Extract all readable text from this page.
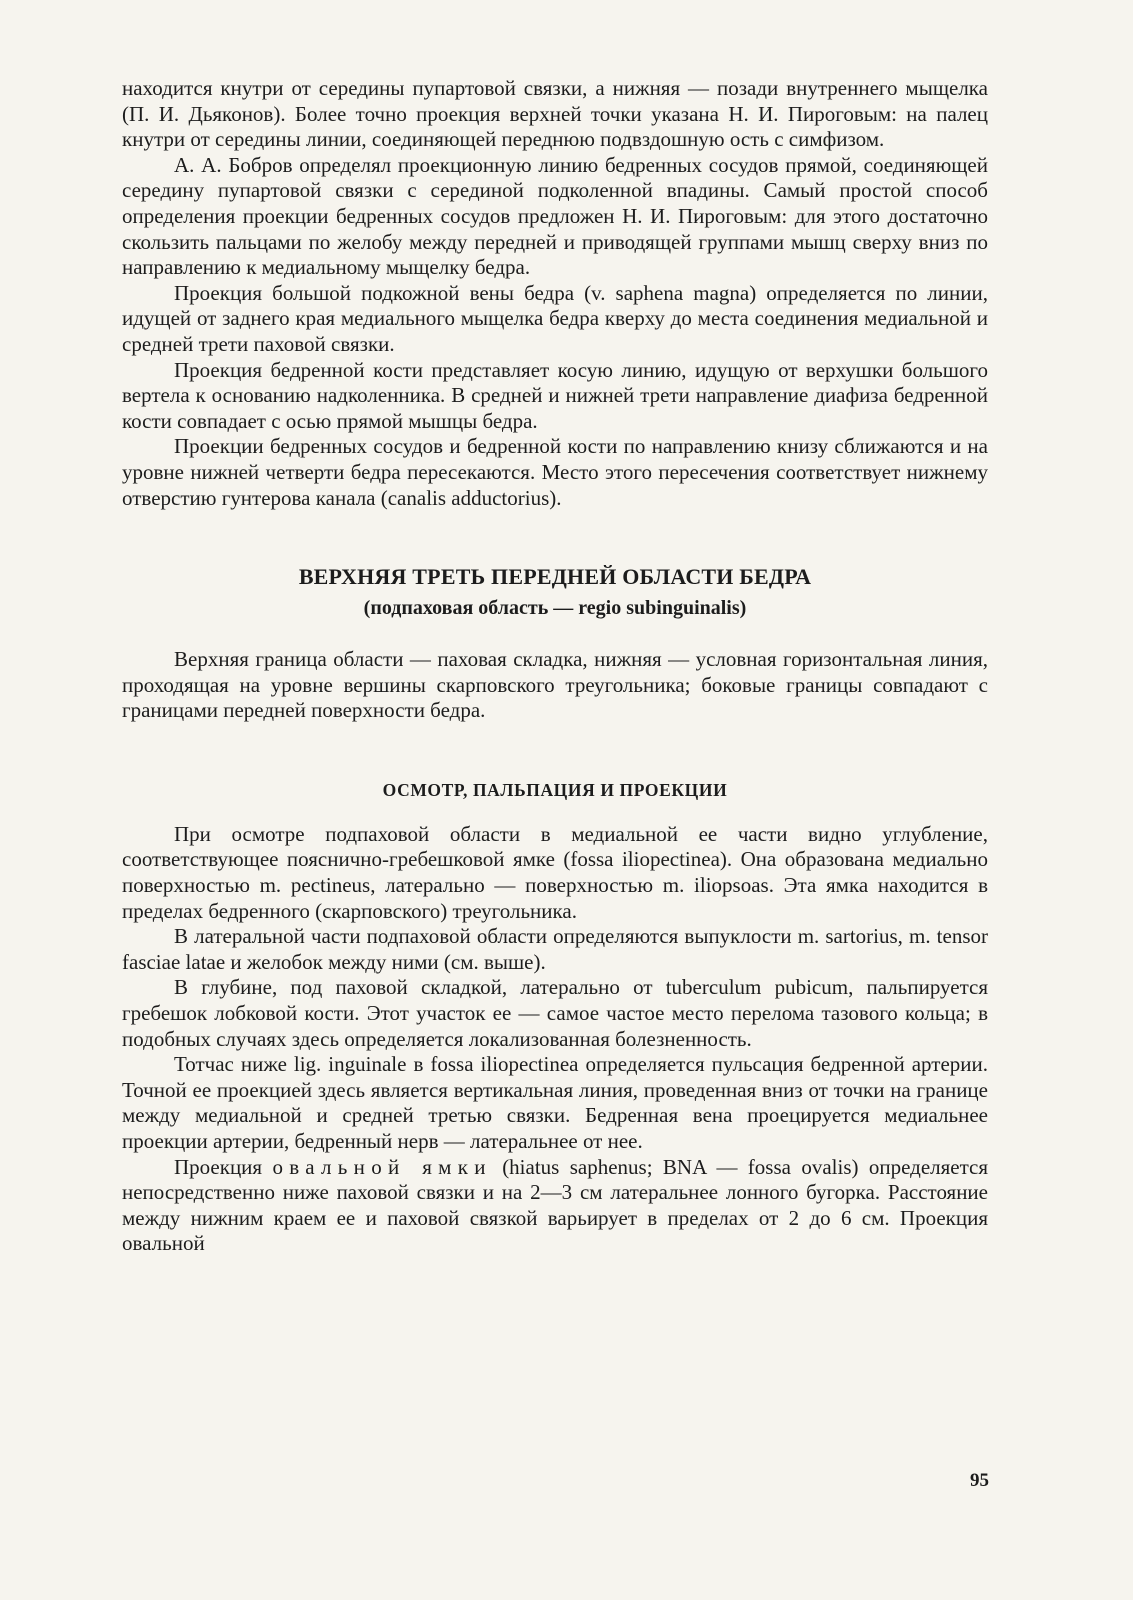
находится кнутри от середины пупартовой связки, а нижняя — позади внутреннего мыщелка (П. И. Дьяконов). Более точно проекция верхней точки указана Н. И. Пироговым: на палец кнутри от середины линии, соединяющей переднюю подвздошную ость с симфизом.

А. А. Бобров определял проекционную линию бедренных сосудов прямой, соединяющей середину пупартовой связки с серединой подколенной впадины. Самый простой способ определения проекции бедренных сосудов предложен Н. И. Пироговым: для этого достаточно скользить пальцами по желобу между передней и приводящей группами мышц сверху вниз по направлению к медиальному мыщелку бедра.

Проекция большой подкожной вены бедра (v. saphena magna) определяется по линии, идущей от заднего края медиального мыщелка бедра кверху до места соединения медиальной и средней трети паховой связки.

Проекция бедренной кости представляет косую линию, идущую от верхушки большого вертела к основанию надколенника. В средней и нижней трети направление диафиза бедренной кости совпадает с осью прямой мышцы бедра.

Проекции бедренных сосудов и бедренной кости по направлению книзу сближаются и на уровне нижней четверти бедра пересекаются. Место этого пересечения соответствует нижнему отверстию гунтерова канала (canalis adductorius).

ВЕРХНЯЯ ТРЕТЬ ПЕРЕДНЕЙ ОБЛАСТИ БЕДРА
(подпаховая область — regio subinguinalis)

Верхняя граница области — паховая складка, нижняя — условная горизонтальная линия, проходящая на уровне вершины скарповского треугольника; боковые границы совпадают с границами передней поверхности бедра.

ОСМОТР, ПАЛЬПАЦИЯ И ПРОЕКЦИИ

При осмотре подпаховой области в медиальной ее части видно углубление, соответствующее пояснично-гребешковой ямке (fossa iliopectinea). Она образована медиально поверхностью m. pectineus, латерально — поверхностью m. iliopsoas. Эта ямка находится в пределах бедренного (скарповского) треугольника.

В латеральной части подпаховой области определяются выпуклости m. sartorius, m. tensor fasciae latae и желобок между ними (см. выше).

В глубине, под паховой складкой, латерально от tuberculum pubicum, пальпируется гребешок лобковой кости. Этот участок ее — самое частое место перелома тазового кольца; в подобных случаях здесь определяется локализованная болезненность.

Тотчас ниже lig. inguinale в fossa iliopectinea определяется пульсация бедренной артерии. Точной ее проекцией здесь является вертикальная линия, проведенная вниз от точки на границе между медиальной и средней третью связки. Бедренная вена проецируется медиальнее проекции артерии, бедренный нерв — латеральнее от нее.

Проекция овальной ямки (hiatus saphenus; BNA — fossa ovalis) определяется непосредственно ниже паховой связки и на 2—3 см латеральнее лонного бугорка. Расстояние между нижним краем ее и паховой связкой варьирует в пределах от 2 до 6 см. Проекция овальной

95
